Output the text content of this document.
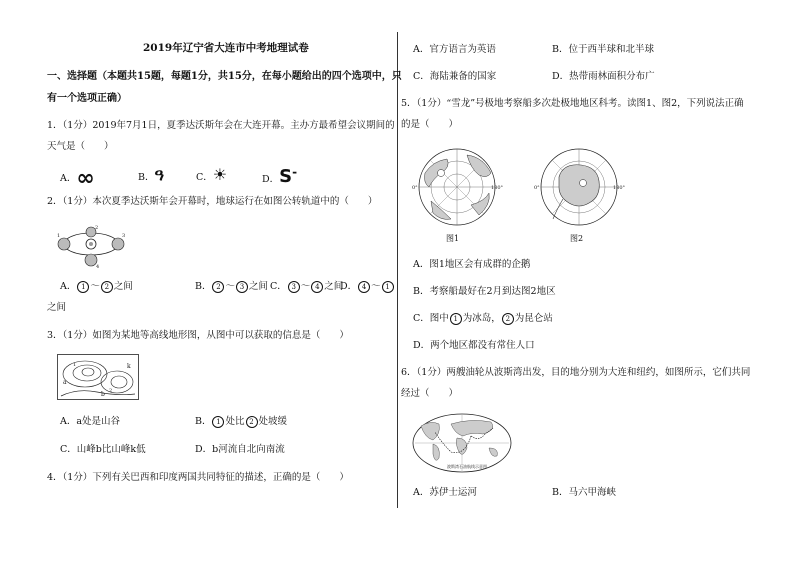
2019年辽宁省大连市中考地理试卷
一、选择题（本题共15题，每题1分，共15分，在每小题给出的四个选项中，只
有一个选项正确）
1．（1分）2019年7月1日，夏季达沃斯年会在大连开幕。主办方最希望会议期间的
天气是（　　）
A．∞	B．ዓ	C．☀	D．S-
2．（1分）本次夏季达沃斯年会开幕时，地球运行在如图公转轨道中的（　　）
1
2
3
4
A． 1 ～ 2 之间	B． 2 ～ 3 之间 C． 3 ～ 4 之间
D． 4 ～ 1
之间
3．（1分）如图为某地等高线地形图，从图中可以获取的信息是（　　）
a
b
k
1
2
A．a处是山谷	B． 1 处比 2 处坡缓
C．山峰b比山峰k低	D．b河流自北向南流
4．（1分）下列有关巴西和印度两国共同特征的描述，正确的是（　　）
A．官方语言为英语	B．位于西半球和北半球
C．海陆兼备的国家	D．热带雨林面积分布广
5．（1分）“雪龙”号极地考察船多次赴极地地区科考。读图1、图2，下列说法正确
的是（　　）
0°	180°
图1
0°	180°
图2
A．图1地区会有成群的企鹅
B．考察船最好在2月到达图2地区
C．图中 1 为冰岛， 2 为昆仑站
D．两个地区都没有常住人口
6．（1分）两艘油轮从波斯湾出发，目的地分别为大连和纽约，如图所示，它们共同
经过（　　）
波斯湾石油航线示意图
A．苏伊士运河	B．马六甲海峡
